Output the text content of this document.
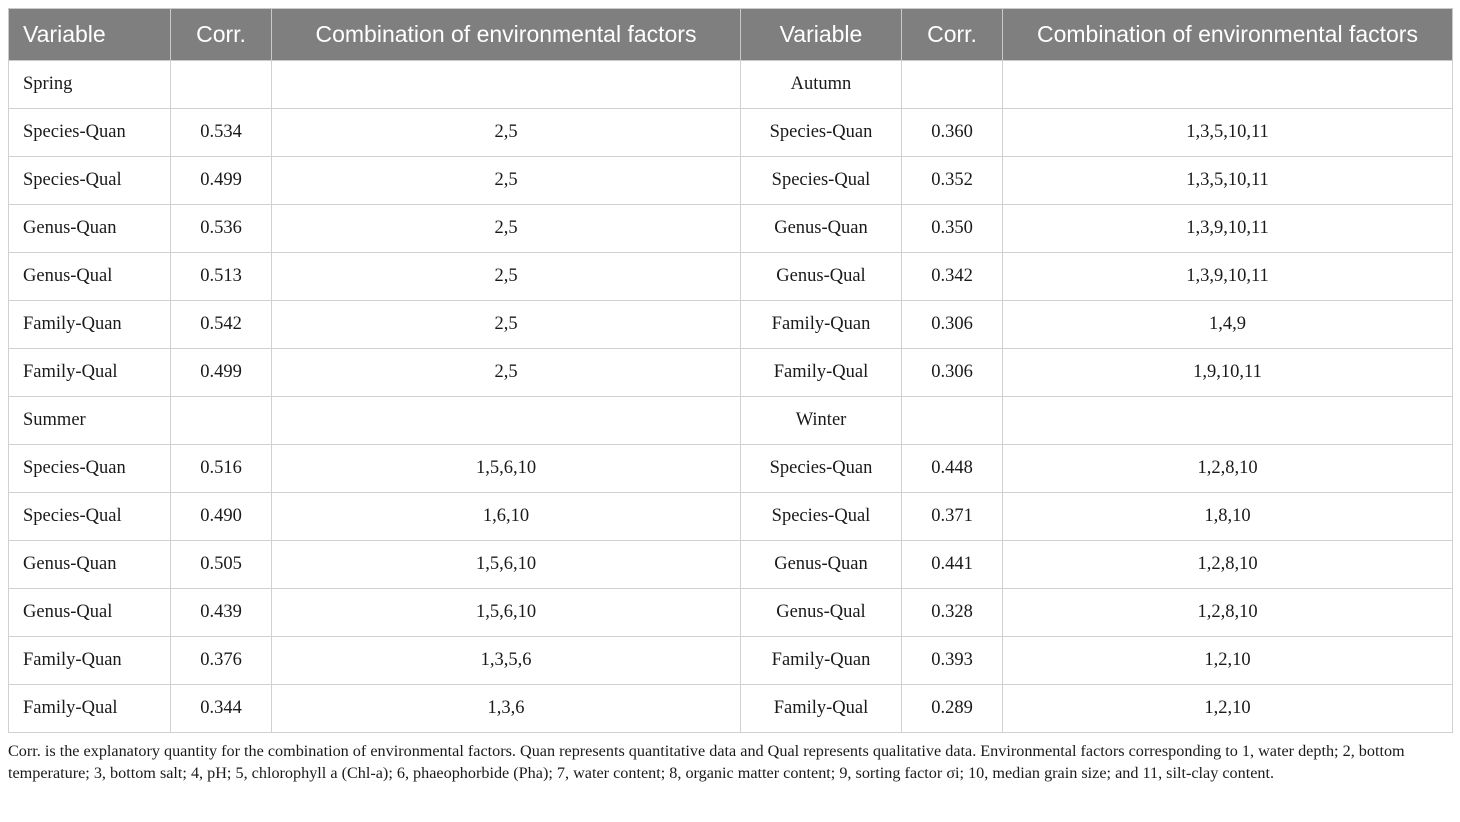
Variable	Corr.	Combination of environmental factors	Variable	Corr.	Combination of environmental factors
Spring			Autumn		
Species-Quan	0.534	2,5	Species-Quan	0.360	1,3,5,10,11
Species-Qual	0.499	2,5	Species-Qual	0.352	1,3,5,10,11
Genus-Quan	0.536	2,5	Genus-Quan	0.350	1,3,9,10,11
Genus-Qual	0.513	2,5	Genus-Qual	0.342	1,3,9,10,11
Family-Quan	0.542	2,5	Family-Quan	0.306	1,4,9
Family-Qual	0.499	2,5	Family-Qual	0.306	1,9,10,11
Summer			Winter		
Species-Quan	0.516	1,5,6,10	Species-Quan	0.448	1,2,8,10
Species-Qual	0.490	1,6,10	Species-Qual	0.371	1,8,10
Genus-Quan	0.505	1,5,6,10	Genus-Quan	0.441	1,2,8,10
Genus-Qual	0.439	1,5,6,10	Genus-Qual	0.328	1,2,8,10
Family-Quan	0.376	1,3,5,6	Family-Quan	0.393	1,2,10
Family-Qual	0.344	1,3,6	Family-Qual	0.289	1,2,10

Corr. is the explanatory quantity for the combination of environmental factors. Quan represents quantitative data and Qual represents qualitative data. Environmental factors corresponding to 1, water depth; 2, bottom temperature; 3, bottom salt; 4, pH; 5, chlorophyll a (Chl-a); 6, phaeophorbide (Pha); 7, water content; 8, organic matter content; 9, sorting factor σi; 10, median grain size; and 11, silt-clay content.
